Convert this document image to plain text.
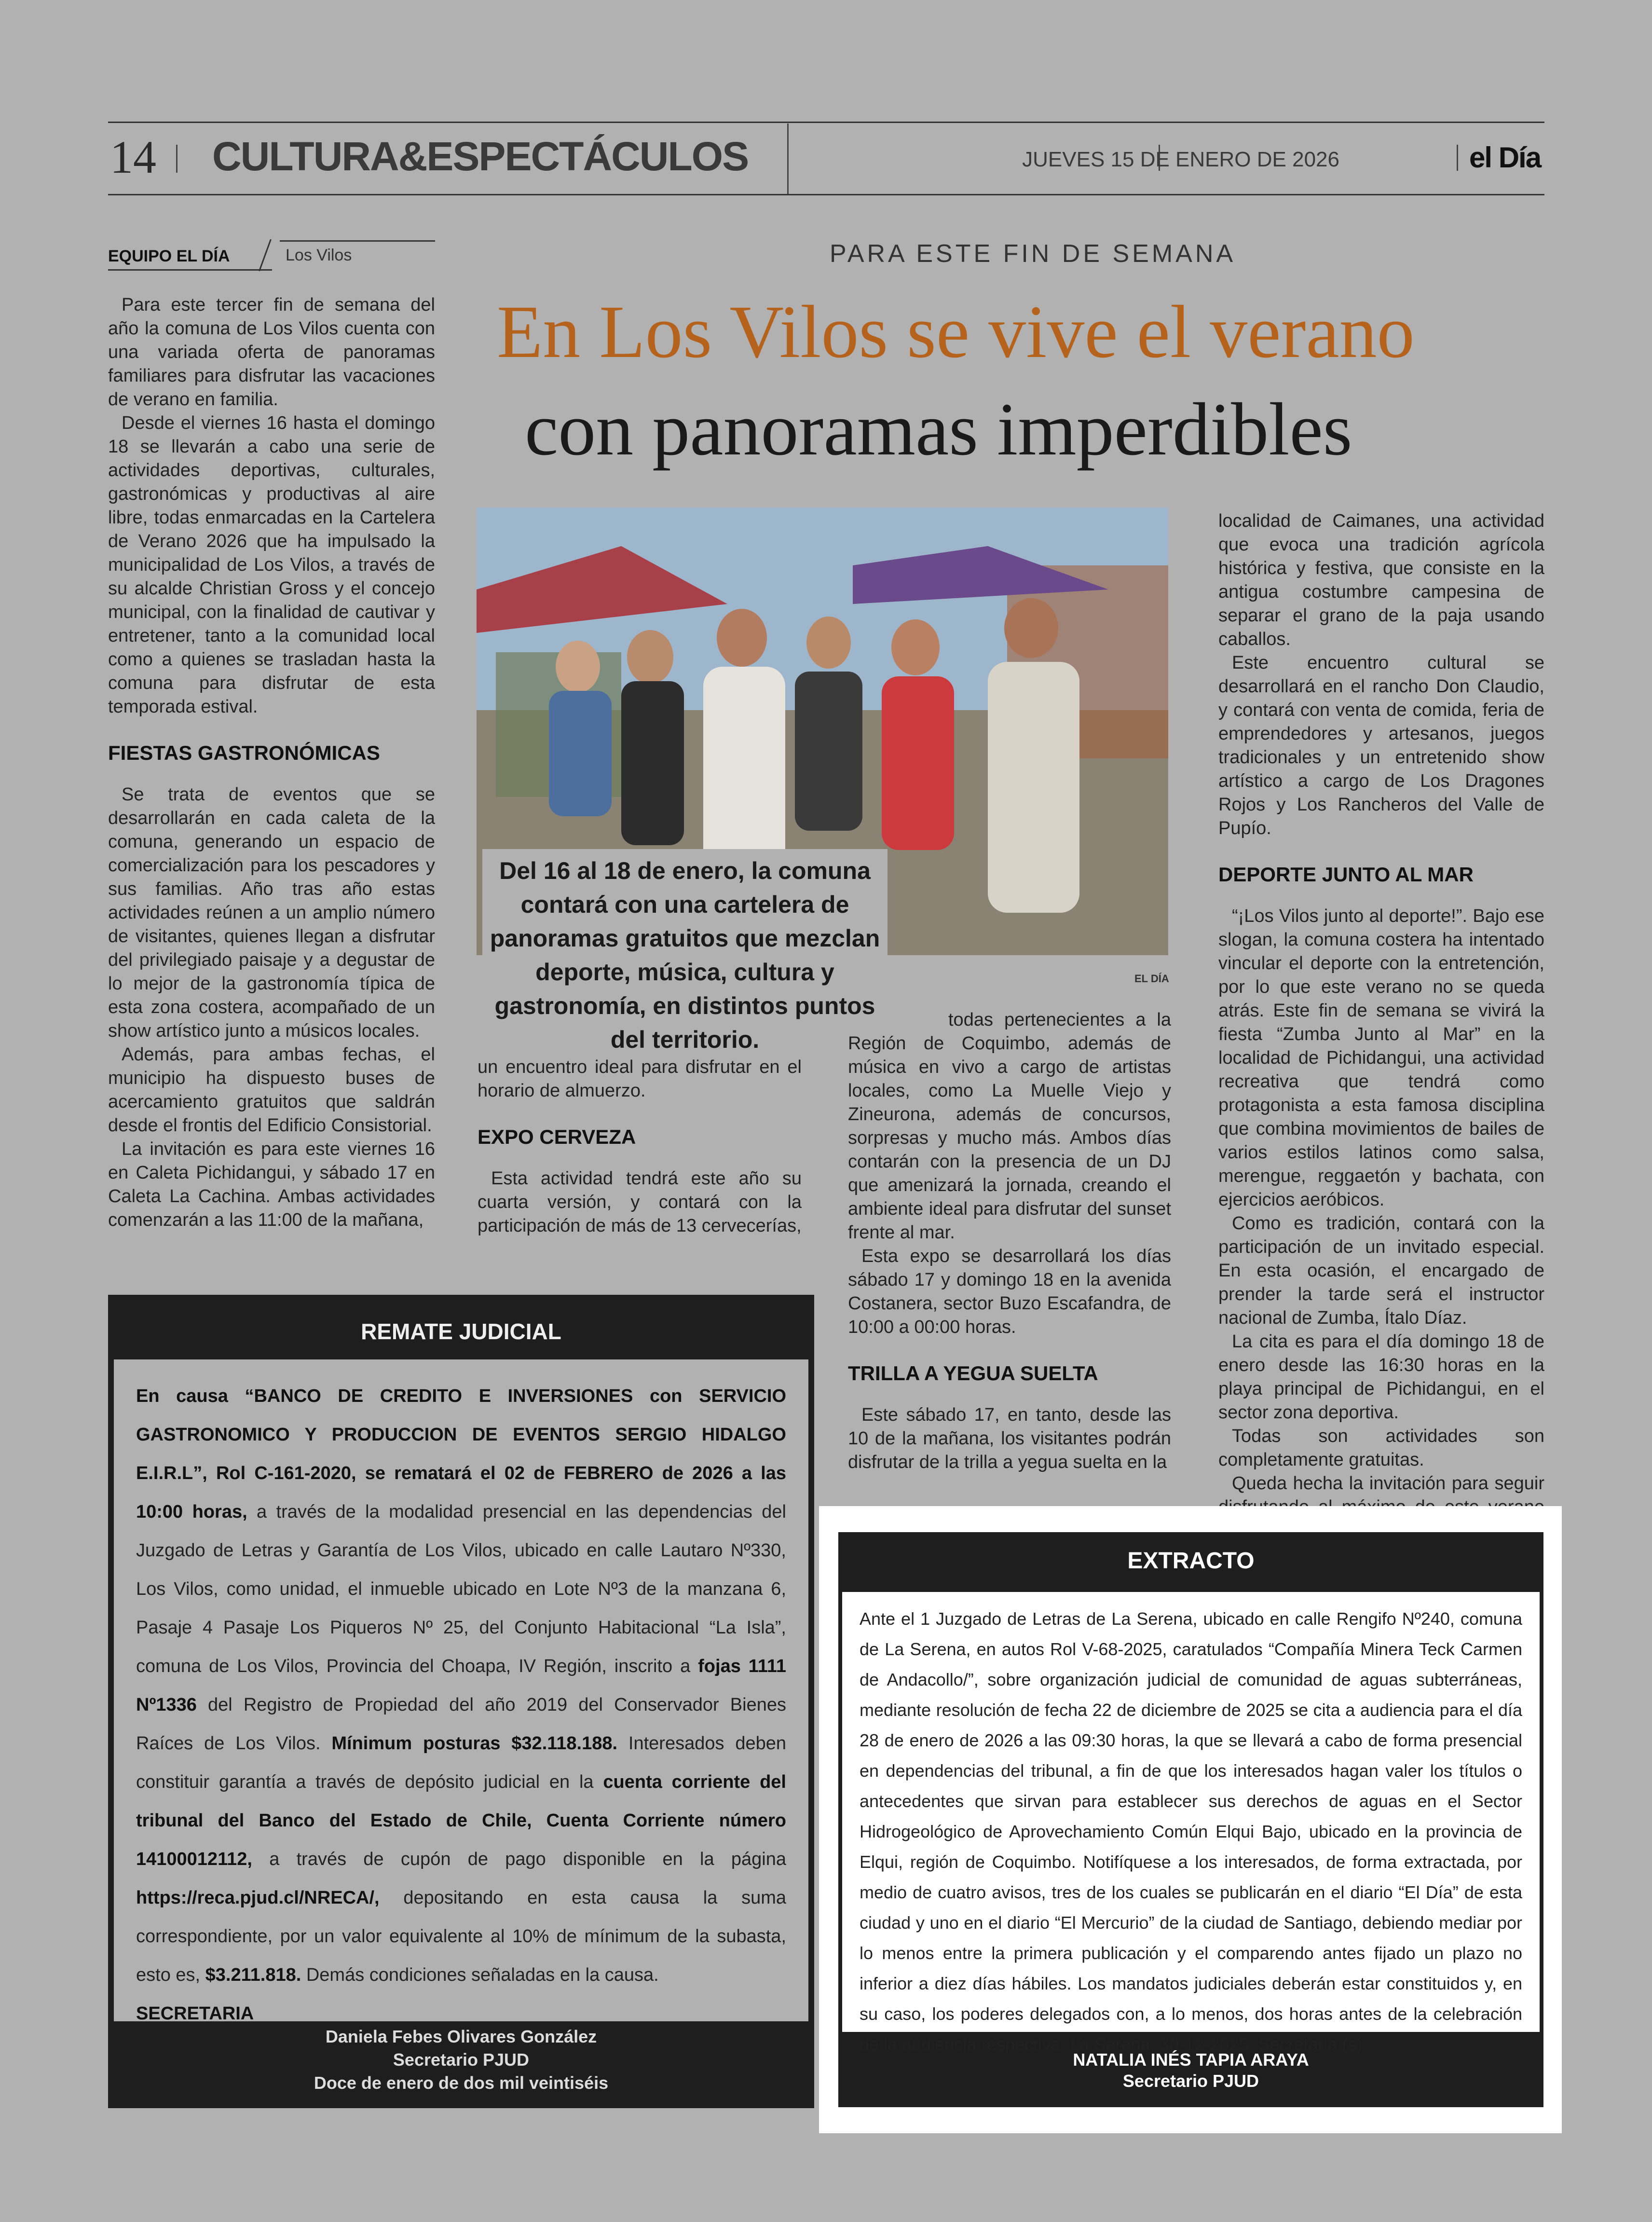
14 CULTURA&ESPECTÁCULOS	JUEVES 15 DE ENERO DE 2026	el Día
EQUIPO EL DÍA	Los Vilos	PARA ESTE FIN DE SEMANA
En Los Vilos se vive el verano
con panoramas imperdibles

Para este tercer fin de semana del año la comuna de Los Vilos cuenta con una variada oferta de panoramas familiares para disfrutar las vacaciones de verano en familia.

Desde el viernes 16 hasta el domingo 18 se llevarán a cabo una serie de actividades deportivas, culturales, gastronómicas y productivas al aire libre, todas enmarcadas en la Cartelera de Verano 2026 que ha impulsado la municipalidad de Los Vilos, a través de su alcalde Christian Gross y el concejo municipal, con la finalidad de cautivar y entretener, tanto a la comunidad local como a quienes se trasladan hasta la comuna para disfrutar de esta temporada estival.

FIESTAS GASTRONÓMICAS

Se trata de eventos que se desarrollarán en cada caleta de la comuna, generando un espacio de comercialización para los pescadores y sus familias. Año tras año estas actividades reúnen a un amplio número de visitantes, quienes llegan a disfrutar del privilegiado paisaje y a degustar de lo mejor de la gastronomía típica de esta zona costera, acompañado de un show artístico junto a músicos locales.

Además, para ambas fechas, el municipio ha dispuesto buses de acercamiento gratuitos que saldrán desde el frontis del Edificio Consistorial.

La invitación es para este viernes 16 en Caleta Pichidangui, y sábado 17 en Caleta La Cachina. Ambas actividades comenzarán a las 11:00 de la mañana,

Del 16 al 18 de enero, la comuna contará con una cartelera de panoramas gratuitos que mezclan deporte, música, cultura y gastronomía, en distintos puntos del territorio.
EL DÍA

un encuentro ideal para disfrutar en el horario de almuerzo.

EXPO CERVEZA

Esta actividad tendrá este año su cuarta versión, y contará con la participación de más de 13 cervecerías,

todas pertenecientes a la Región de Coquimbo, además de música en vivo a cargo de artistas locales, como La Muelle Viejo y Zineurona, además de concursos, sorpresas y mucho más. Ambos días contarán con la presencia de un DJ que amenizará la jornada, creando el ambiente ideal para disfrutar del sunset frente al mar.

Esta expo se desarrollará los días sábado 17 y domingo 18 en la avenida Costanera, sector Buzo Escafandra, de 10:00 a 00:00 horas.

TRILLA A YEGUA SUELTA

Este sábado 17, en tanto, desde las 10 de la mañana, los visitantes podrán disfrutar de la trilla a yegua suelta en la

localidad de Caimanes, una actividad que evoca una tradición agrícola histórica y festiva, que consiste en la antigua costumbre campesina de separar el grano de la paja usando caballos.

Este encuentro cultural se desarrollará en el rancho Don Claudio, y contará con venta de comida, feria de emprendedores y artesanos, juegos tradicionales y un entretenido show artístico a cargo de Los Dragones Rojos y Los Rancheros del Valle de Pupío.

DEPORTE JUNTO AL MAR

“¡Los Vilos junto al deporte!”. Bajo ese slogan, la comuna costera ha intentado vincular el deporte con la entretención, por lo que este verano no se queda atrás. Este fin de semana se vivirá la fiesta “Zumba Junto al Mar” en la localidad de Pichidangui, una actividad recreativa que tendrá como protagonista a esta famosa disciplina que combina movimientos de bailes de varios estilos latinos como salsa, merengue, reggaetón y bachata, con ejercicios aeróbicos.

Como es tradición, contará con la participación de un invitado especial. En esta ocasión, el encargado de prender la tarde será el instructor nacional de Zumba, Ítalo Díaz.

La cita es para el día domingo 18 de enero desde las 16:30 horas en la playa principal de Pichidangui, en el sector zona deportiva.

Todas son actividades son completamente gratuitas.

Queda hecha la invitación para seguir

REMATE JUDICIAL

En causa “BANCO DE CREDITO E INVERSIONES con SERVICIO GASTRONOMICO Y PRODUCCION DE EVENTOS SERGIO HIDALGO E.I.R.L”, Rol C-161-2020, se rematará el 02 de FEBRERO de 2026 a las 10:00 horas, a través de la modalidad presencial en las dependencias del Juzgado de Letras y Garantía de Los Vilos, ubicado en calle Lautaro Nº330, Los Vilos, como unidad, el inmueble ubicado en Lote Nº3 de la manzana 6, Pasaje 4 Pasaje Los Piqueros Nº 25, del Conjunto Habitacional “La Isla”, comuna de Los Vilos, Provincia del Choapa, IV Región, inscrito a fojas 1111 Nº1336 del Registro de Propiedad del año 2019 del Conservador Bienes Raíces de Los Vilos. Mínimum posturas $32.118.188. Interesados deben constituir garantía a través de depósito judicial en la cuenta corriente del tribunal del Banco del Estado de Chile, Cuenta Corriente número 14100012112, a través de cupón de pago disponible en la página https://reca.pjud.cl/NRECA/, depositando en esta causa la suma correspondiente, por un valor equivalente al 10% de mínimum de la subasta, esto es, $3.211.818. Demás condiciones señaladas en la causa.
SECRETARIA

Daniela Febes Olivares González
Secretario PJUD
Doce de enero de dos mil veintiséis
EXTRACTO

Ante el 1 Juzgado de Letras de La Serena, ubicado en calle Rengifo Nº240, comuna de La Serena, en autos Rol V-68-2025, caratulados “Compañía Minera Teck Carmen de Andacollo/”, sobre organización judicial de comunidad de aguas subterráneas, mediante resolución de fecha 22 de diciembre de 2025 se cita a audiencia para el día 28 de enero de 2026 a las 09:30 horas, la que se llevará a cabo de forma presencial en dependencias del tribunal, a fin de que los interesados hagan valer los títulos o antecedentes que sirvan para establecer sus derechos de aguas en el Sector Hidrogeológico de Aprovechamiento Común Elqui Bajo, ubicado en la provincia de Elqui, región de Coquimbo. Notifíquese a los interesados, de forma extractada, por medio de cuatro avisos, tres de los cuales se publicarán en el diario “El Día” de esta ciudad y uno en el diario “El Mercurio” de la ciudad de Santiago, debiendo mediar por lo menos entre la primera publicación y el comparendo antes fijado un plazo no inferior a diez días hábiles. Los mandatos judiciales deberán estar constituidos y, en su caso, los poderes delegados con, a lo menos, dos horas antes de la celebración de la audiencia respectiva. La Serena, 30-12-2025. Secretaria (s).

NATALIA INÉS TAPIA ARAYA
Secretario PJUD
